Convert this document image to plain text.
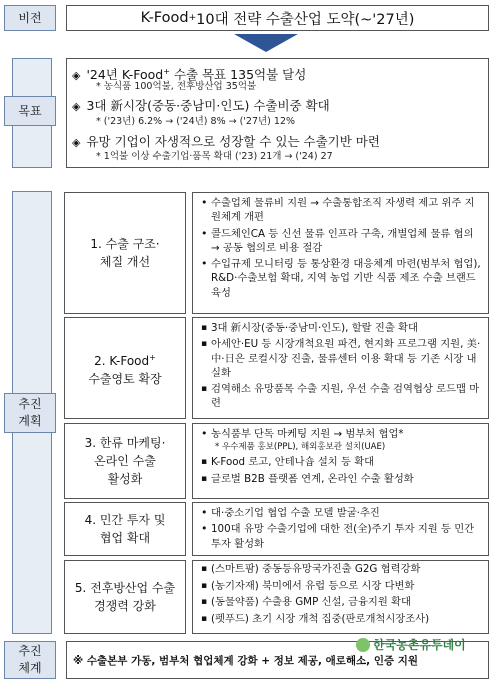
비전	K-Food + 10대 전략 수출산업 도약(~'27년)
목표
◈ '24년 K-Food+ 수출 목표 135억불 달성
* 농식품 100억불, 전후방산업 35억불
◈ 3대 新시장(중동·중남미·인도) 수출비중 확대
* ('23년) 6.2% → ('24년) 8% → ('27년) 12%
◈ 유망 기업이 자생적으로 성장할 수 있는 수출기반 마련
* 1억불 이상 수출기업·품목 확대 ('23) 21개 → ('24) 27
추진
계획
1. 수출 구조·
체질 개선
• 수출업체 물류비 지원 → 수출통합조직 자생력 제고 위주 지원체계 개편
• 콜드체인CA 등 신선 물류 인프라 구축, 개별업체 물류 협의 → 공동 협의로 비용 절감
• 수입규제 모니터링 등 통상환경 대응체계 마련(범부처 협업), R&D·수출보험 확대, 지역 농업 기반 식품 제조 수출 브랜드 육성
2. K-Food+
수출영토 확장
▪ 3대 新시장(중동·중남미·인도), 할랄 진출 확대
▪ 아세안·EU 등 시장개척요원 파견, 현지화 프로그램 지원, 美·中·日은 로컬시장 진출, 물류센터 이용 확대 등 기존 시장 내실화
▪ 검역해소 유망품목 수출 지원, 우선 수출 검역협상 로드맵 마련
3. 한류 마케팅·
온라인 수출
활성화
• 농식품부 단독 마케팅 지원 → 범부처 협업*
* 우수제품 홍보(PPL), 해외홍보관 설치(UAE)
▪ K-Food 로고, 안테나숍 설치 등 확대
▪ 글로벌 B2B 플랫폼 연계, 온라인 수출 활성화
4. 민간 투자 및
협업 확대
• 대·중소기업 협업 수출 모델 발굴·추진
• 100대 유망 수출기업에 대한 전(全)주기 투자 지원 등 민간 투자 활성화
5. 전후방산업 수출
경쟁력 강화
▪ (스마트팜) 중동등유망국가진출 G2G 협력강화
▪ (농기자재) 북미에서 유럽 등으로 시장 다변화
▪ (동물약품) 수출용 GMP 신설, 금융지원 확대
▪ (펫푸드) 초기 시장 개척 집중(판로개척시장조사)
추진
체계
※ 수출본부 가동, 범부처 협업체계 강화 + 정보 제공, 애로해소, 인증 지원
한국농촌유투데이
